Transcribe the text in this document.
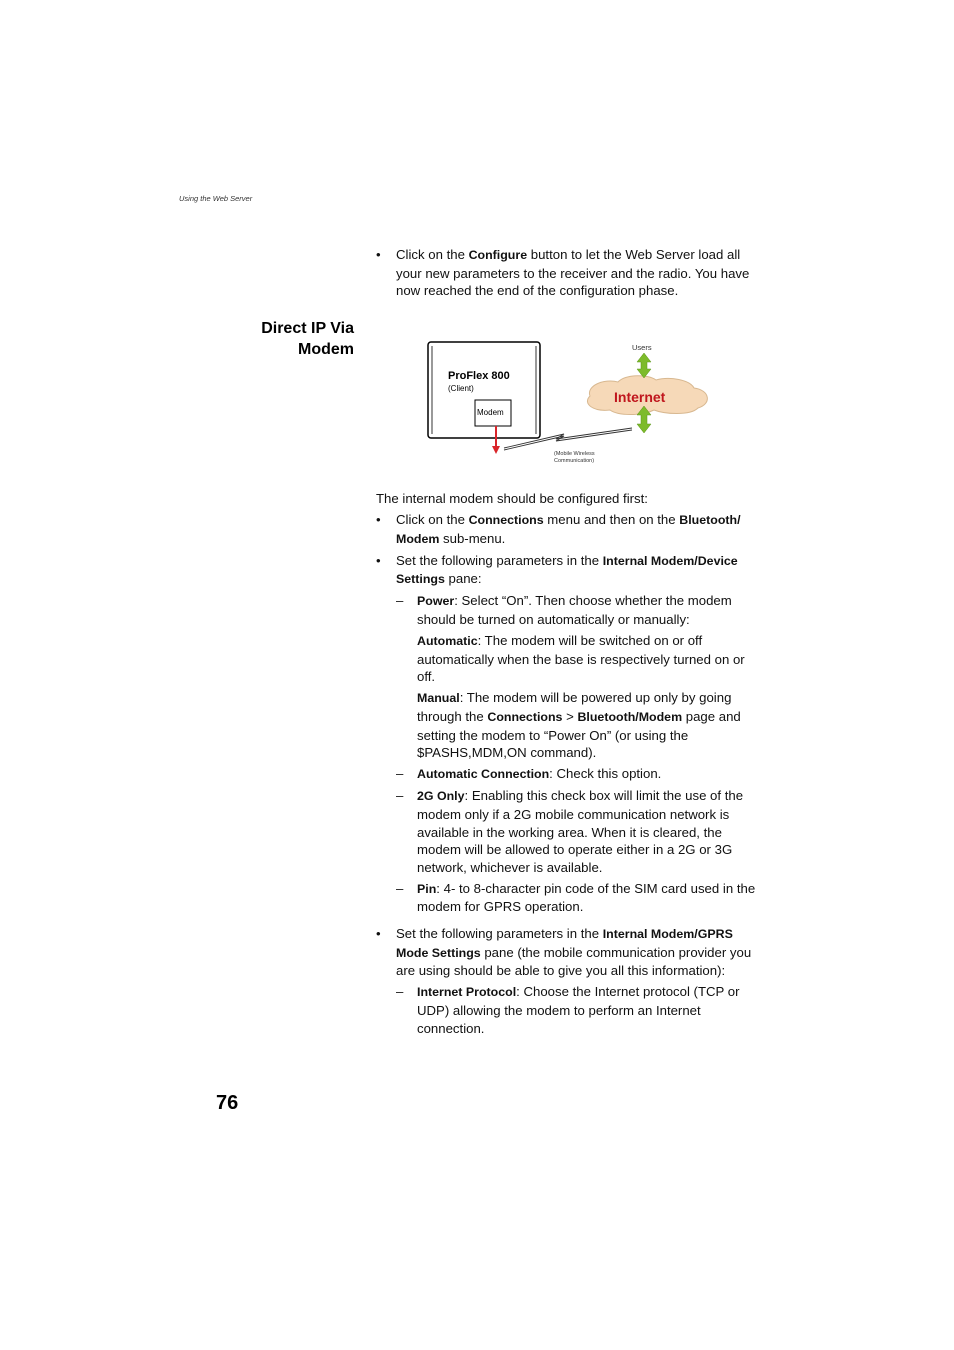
Using the Web Server
• Click on the Configure button to let the Web Server load all your new parameters to the receiver and the radio. You have now reached the end of the configuration phase.
Direct IP Via
Modem
ProFlex 800
(Client)
Modem
(Mobile Wireless
Communication)
Internet
Users
The internal modem should be configured first:
• Click on the Connections menu and then on the Bluetooth/
Modem sub-menu.
• Set the following parameters in the Internal Modem/Device
Settings pane:
– Power: Select “On”. Then choose whether the modem should be turned on automatically or manually:
Automatic: The modem will be switched on or off automatically when the base is respectively turned on or off.
Manual: The modem will be powered up only by going through the Connections > Bluetooth/Modem page and setting the modem to “Power On” (or using the $PASHS,MDM,ON command).
– Automatic Connection: Check this option.
– 2G Only: Enabling this check box will limit the use of the modem only if a 2G mobile communication network is available in the working area. When it is cleared, the modem will be allowed to operate either in a 2G or 3G network, whichever is available.
– Pin: 4- to 8-character pin code of the SIM card used in the modem for GPRS operation.
• Set the following parameters in the Internal Modem/GPRS
Mode Settings pane (the mobile communication provider you are using should be able to give you all this information):
– Internet Protocol: Choose the Internet protocol (TCP or UDP) allowing the modem to perform an Internet connection.
76
